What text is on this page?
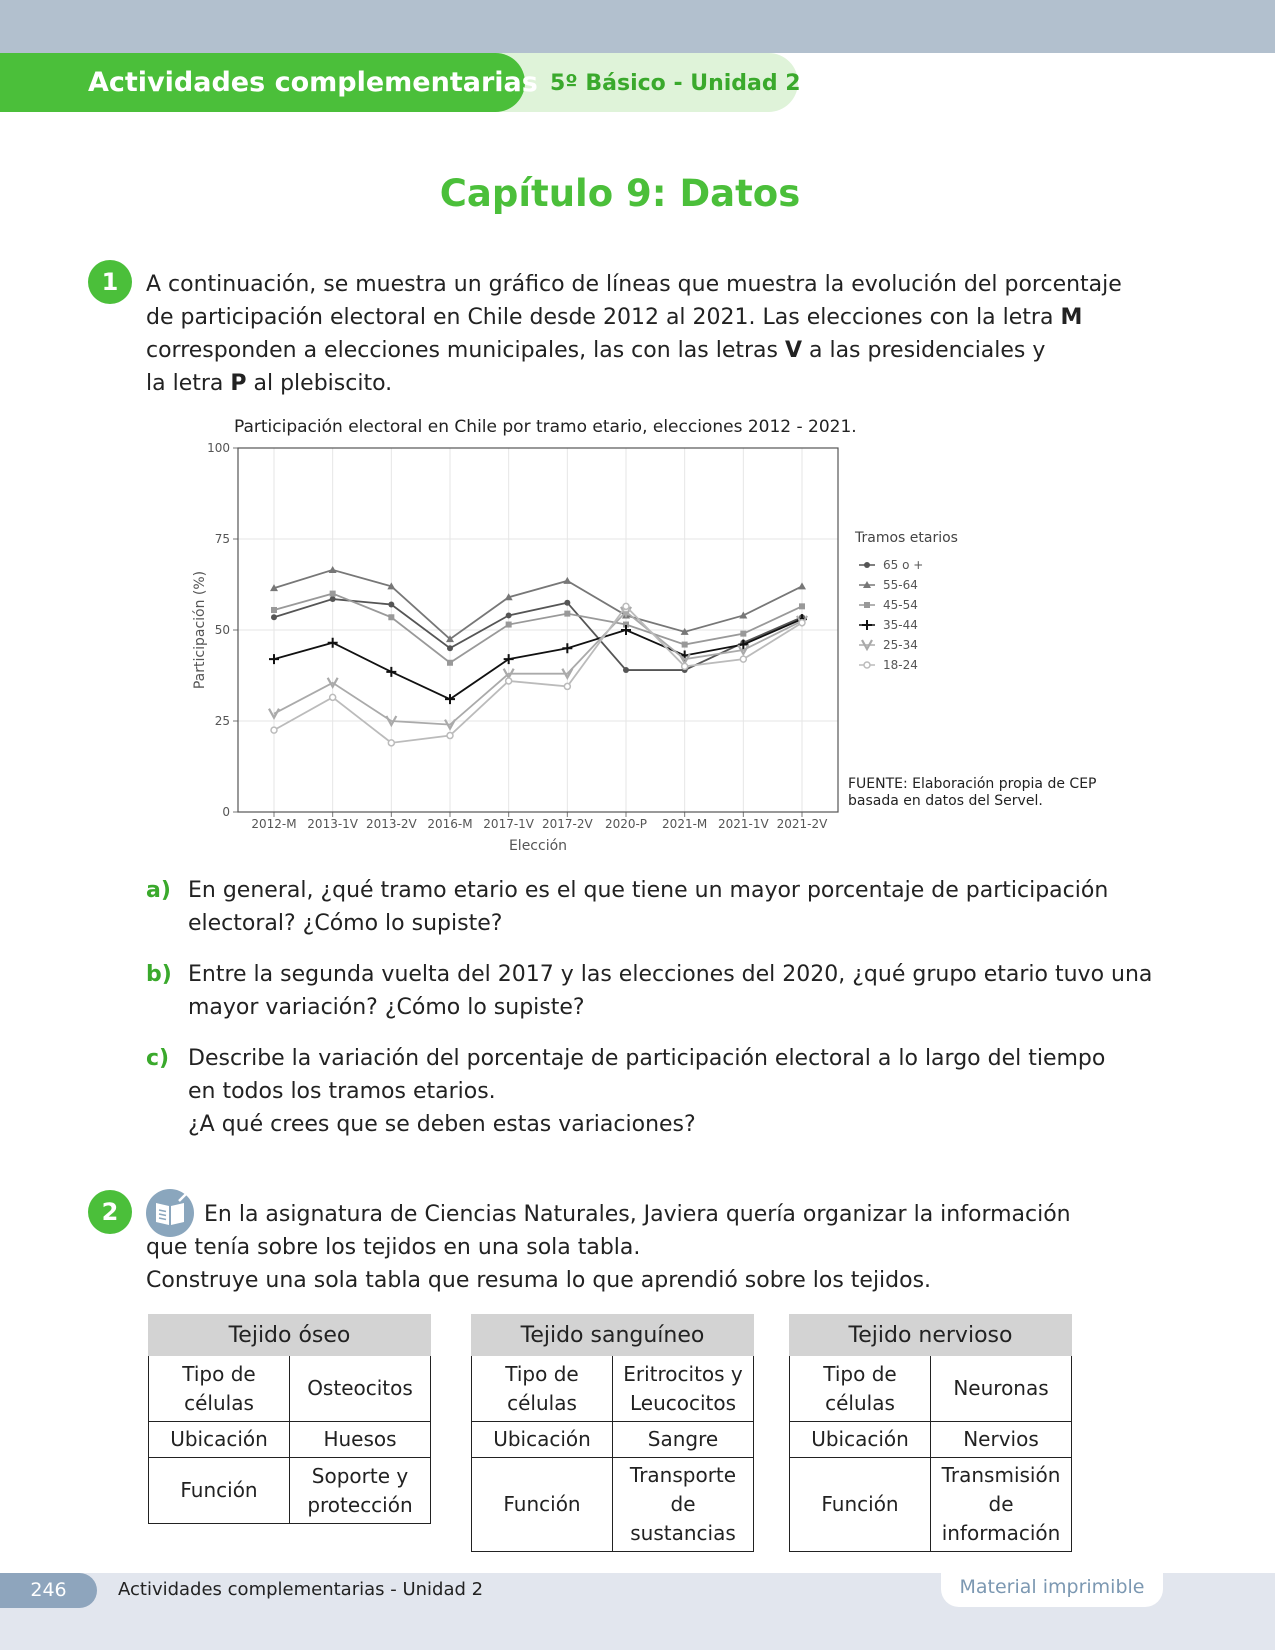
Actividades complementarias 5º Básico - Unidad 2
Capítulo 9: Datos
1	A continuación, se muestra un gráfico de líneas que muestra la evolución del porcentaje
de participación electoral en Chile desde 2012 al 2021. Las elecciones con la letra M
corresponden a elecciones municipales, las con las letras V a las presidenciales y
la letra P al plebiscito.
Participación electoral en Chile por tramo etario, elecciones 2012 - 2021.
0
25
50
75
100
2012-M 2013-1V 2013-2V 2016-M 2017-1V 2017-2V 2020-P 2021-M 2021-1V 2021-2V
Elección
Participación (%)
Tramos etarios
65 o +
55-64
45-54
35-44
25-34
18-24
FUENTE: Elaboración propia de CEP
basada en datos del Servel.
a) En general, ¿qué tramo etario es el que tiene un mayor porcentaje de participación
electoral? ¿Cómo lo supiste?
b) Entre la segunda vuelta del 2017 y las elecciones del 2020, ¿qué grupo etario tuvo una
mayor variación? ¿Cómo lo supiste?
c) Describe la variación del porcentaje de participación electoral a lo largo del tiempo
en todos los tramos etarios.
¿A qué crees que se deben estas variaciones?
2	En la asignatura de Ciencias Naturales, Javiera quería organizar la información
que tenía sobre los tejidos en una sola tabla.
Construye una sola tabla que resuma lo que aprendió sobre los tejidos.
Tejido óseo	
Tipo de
células	Osteocitos
Ubicación	Huesos
Función	Soporte y
protección
Tejido sanguíneo	
Tipo de
células	Eritrocitos y
Leucocitos
Ubicación	Sangre
Función	Transporte
de sustancias
Tejido nervioso	
Tipo de
células	Neuronas
Ubicación	Nervios
Función	Transmisión de
información
246	Actividades complementarias - Unidad 2	Material imprimible
